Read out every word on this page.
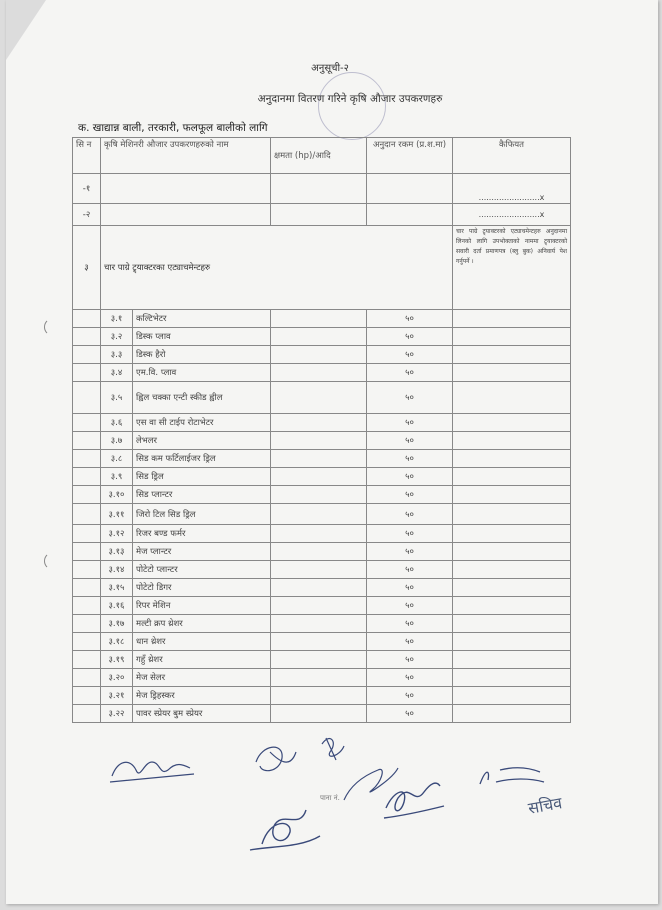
अनुसूची-२
अनुदानमा वितरण गरिने कृषि औजार उपकरणहरु
क. खाद्यान्न बाली, तरकारी, फलफूल बालीको लागि
सि न	कृषि मेशिनरी औजार उपकरणहरुको नाम		क्षमता (hp)/आदि	अनुदान रकम (प्र.श.मा)	कैफियत
-१					........................x
-२					........................x
३	चार पाग्रे ट्र्याक्टरका एट्याचमेन्टहरु				चार पाग्रे ट्र्याक्टरको एट्याचमेन्टहरु अनुदानमा लिनको लागि उपभोक्ताको नाममा ट्र्याक्टरको सवारी दर्ता प्रमाणपत्र (ब्लु बुक) अनिवार्य पेश गर्नुपर्ने ।
	३.१	कल्टिभेटर		५०	
	३.२	डिस्क प्लाव		५०	
	३.३	डिस्क हैरो		५०	
	३.४	एम.वि. प्लाव		५०	
	३.५	ह्विल चक्का एन्टी स्कीड ह्वील		५०	
	३.६	एस वा सी टाईप रोटाभेटर		५०	
	३.७	लेभलर		५०	
	३.८	सिड कम फर्टिलाईजर ड्रिल		५०	
	३.९	सिड ड्रिल		५०	
	३.१०	सिड प्लान्टर		५०	
	३.११	जिरो टिल सिड ड्रिल		५०	
	३.१२	रिजर बण्ड फर्मर		५०	
	३.१३	मेज प्लान्टर		५०	
	३.१४	पोटेटो प्लान्टर		५०	
	३.१५	पोटेटो डिगर		५०	
	३.१६	रिपर मेशिन		५०	
	३.१७	मल्टी क्रप थ्रेशर		५०	
	३.१८	धान थ्रेशर		५०	
	३.१९	गहुँ थ्रेशर		५०	
	३.२०	मेज सेलर		५०	
	३.२१	मेज ड्रिहस्कर		५०	
	३.२२	पावर स्प्रेयर बुम स्प्रेयर		५०	
पाना नं.	सचिव
